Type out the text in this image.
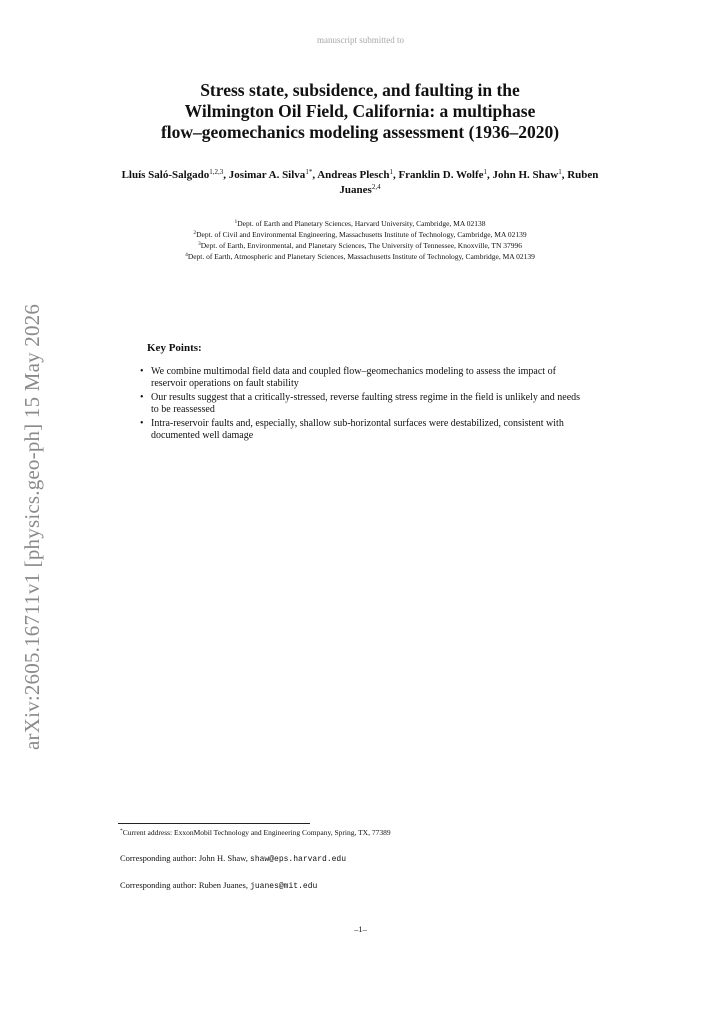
manuscript submitted to
arXiv:2605.16711v1 [physics.geo-ph] 15 May 2026
Stress state, subsidence, and faulting in the
Wilmington Oil Field, California: a multiphase
flow–geomechanics modeling assessment (1936–2020)
Lluís Saló-Salgado$^{1,2,3}$, Josimar A. Silva$^{1*}$, Andreas Plesch$^1$, Franklin D. Wolfe$^1$, John H. Shaw$^1$, Ruben Juanes$^{2,4}$
$^1$Dept. of Earth and Planetary Sciences, Harvard University, Cambridge, MA 02138
$^2$Dept. of Civil and Environmental Engineering, Massachusetts Institute of Technology, Cambridge, MA 02139
$^3$Dept. of Earth, Environmental, and Planetary Sciences, The University of Tennessee, Knoxville, TN 37996
$^4$Dept. of Earth, Atmospheric and Planetary Sciences, Massachusetts Institute of Technology, Cambridge, MA 02139
Key Points:
• We combine multimodal field data and coupled flow–geomechanics modeling to assess the impact of reservoir operations on fault stability
• Our results suggest that a critically-stressed, reverse faulting stress regime in the field is unlikely and needs to be reassessed
• Intra-reservoir faults and, especially, shallow sub-horizontal surfaces were destabilized, consistent with documented well damage
*Current address: ExxonMobil Technology and Engineering Company, Spring, TX, 77389
Corresponding author: John H. Shaw, shaw@eps.harvard.edu
Corresponding author: Ruben Juanes, juanes@mit.edu
–1–
